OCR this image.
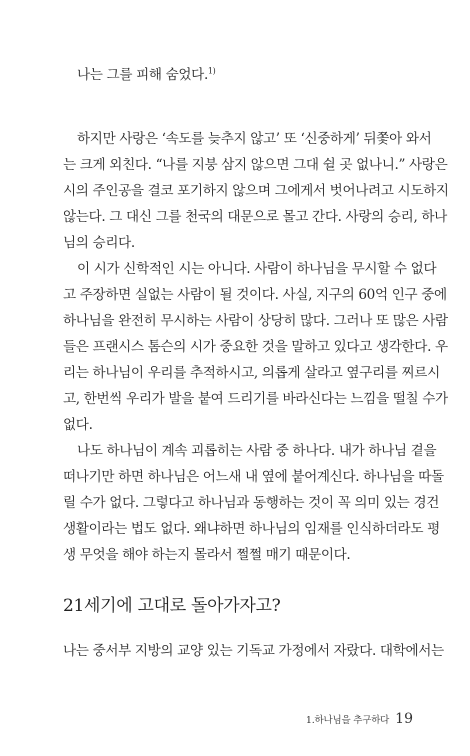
나는 그를 피해 숨었다.$^{1)}$
하지만 사랑은 ‘속도를 늦추지 않고’ 또 ‘신중하게’ 뒤쫓아 와서
는 크게 외친다. “나를 지붕 삼지 않으면 그대 쉴 곳 없나니.” 사랑은
시의 주인공을 결코 포기하지 않으며 그에게서 벗어나려고 시도하지
않는다. 그 대신 그를 천국의 대문으로 몰고 간다. 사랑의 승리, 하나
님의 승리다.
이 시가 신학적인 시는 아니다. 사람이 하나님을 무시할 수 없다
고 주장하면 실없는 사람이 될 것이다. 사실, 지구의 60억 인구 중에
하나님을 완전히 무시하는 사람이 상당히 많다. 그러나 또 많은 사람
들은 프랜시스 톰슨의 시가 중요한 것을 말하고 있다고 생각한다. 우
리는 하나님이 우리를 추적하시고, 의롭게 살라고 옆구리를 찌르시
고, 한번씩 우리가 발을 붙여 드리기를 바라신다는 느낌을 떨칠 수가
없다.
나도 하나님이 계속 괴롭히는 사람 중 하나다. 내가 하나님 곁을
떠나기만 하면 하나님은 어느새 내 옆에 붙어계신다. 하나님을 따돌
릴 수가 없다. 그렇다고 하나님과 동행하는 것이 꼭 의미 있는 경건
생활이라는 법도 없다. 왜냐하면 하나님의 임재를 인식하더라도 평
생 무엇을 해야 하는지 몰라서 쩔쩔 매기 때문이다.
21세기에 고대로 돌아가자고?
나는 중서부 지방의 교양 있는 기독교 가정에서 자랐다. 대학에서는
1.하나님을 추구하다 19
